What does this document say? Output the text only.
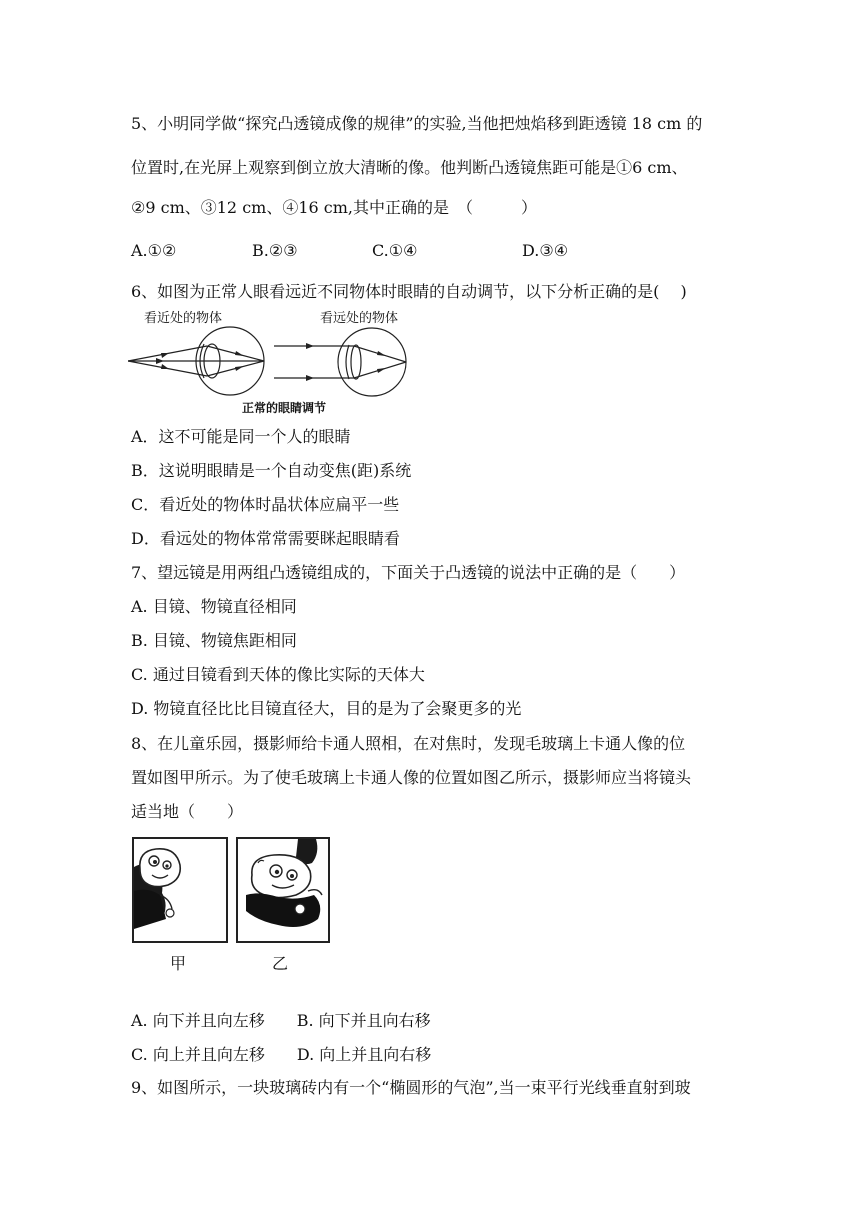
5、小明同学做“探究凸透镜成像的规律”的实验,当他把烛焰移到距透镜 18 cm 的
位置时,在光屏上观察到倒立放大清晰的像。他判断凸透镜焦距可能是①6 cm、
②9 cm、③12 cm、④16 cm,其中正确的是　（　　　）
A.①②	B.②③	C.①④	D.③④
6、如图为正常人眼看远近不同物体时眼睛的自动调节，以下分析正确的是(　 )
看近处的物体	看远处的物体
正常的眼睛调节
A．这不可能是同一个人的眼睛
B．这说明眼睛是一个自动变焦(距)系统
C．看近处的物体时晶状体应扁平一些
D．看远处的物体常常需要眯起眼睛看
7、望远镜是用两组凸透镜组成的，下面关于凸透镜的说法中正确的是（　　）
A. 目镜、物镜直径相同
B. 目镜、物镜焦距相同
C. 通过目镜看到天体的像比实际的天体大
D. 物镜直径比比目镜直径大，目的是为了会聚更多的光
8、在儿童乐园，摄影师给卡通人照相，在对焦时，发现毛玻璃上卡通人像的位
置如图甲所示。为了使毛玻璃上卡通人像的位置如图乙所示，摄影师应当将镜头
适当地（　　）
甲	乙
A. 向下并且向左移　　B. 向下并且向右移
C. 向上并且向左移　　D. 向上并且向右移
9、如图所示，一块玻璃砖内有一个“椭圆形的气泡”,当一束平行光线垂直射到玻
